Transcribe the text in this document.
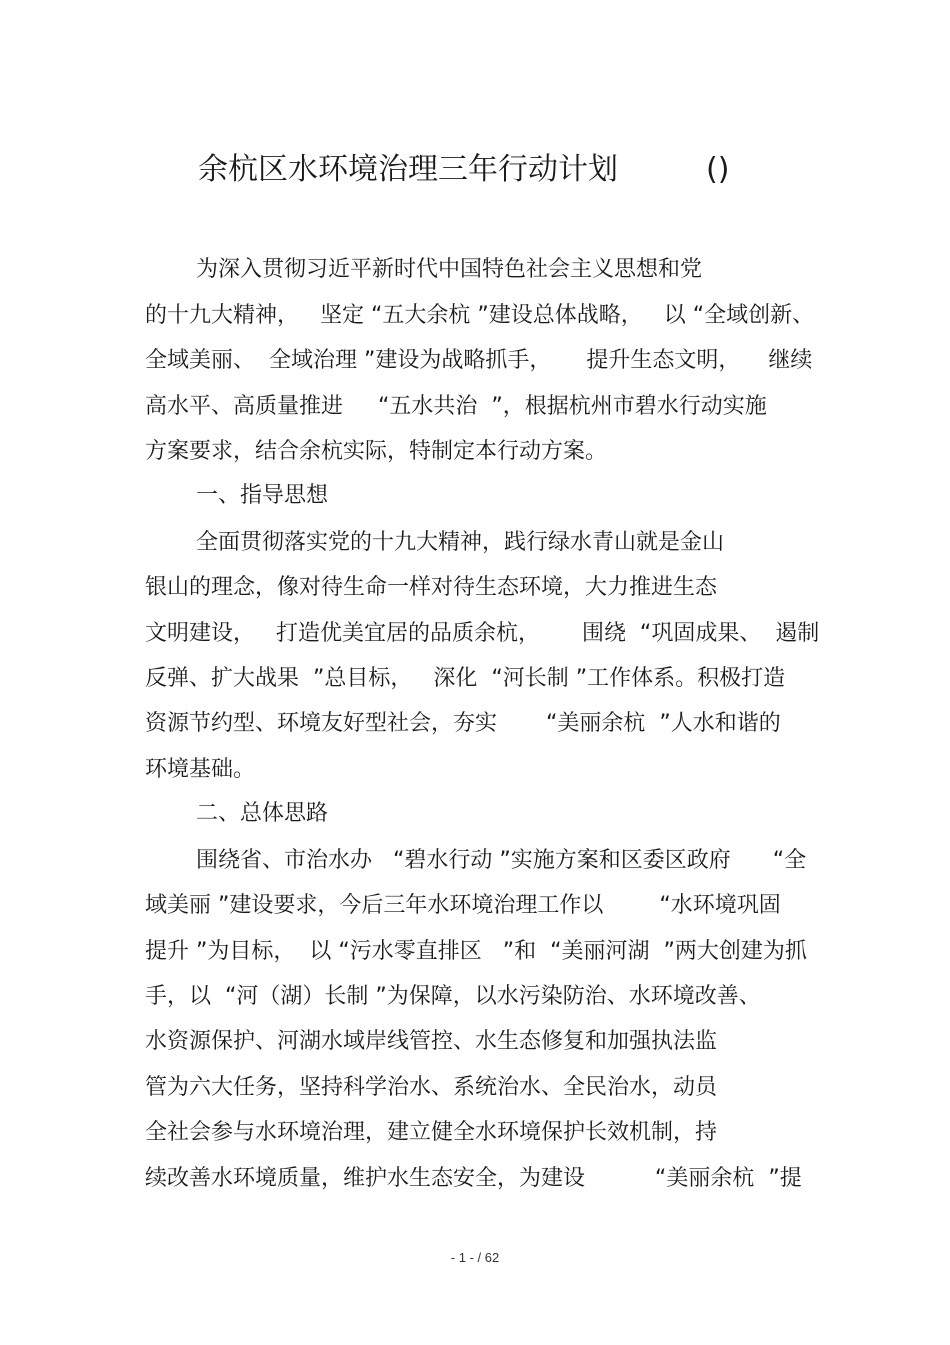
余杭区水环境治理三年行动计划	()
为深入贯彻习近平新时代中国特色社会主义思想和党
的十九大精神，   坚定 “五大余杭 ”建设总体战略，   以 “全域创新、
全域美丽、  全域治理 ”建设为战略抓手，     提升生态文明，    继续
高水平、高质量推进     “五水共治  ”，根据杭州市碧水行动实施
方案要求，结合余杭实际，特制定本行动方案。
一、指导思想
全面贯彻落实党的十九大精神，践行绿水青山就是金山
银山的理念，像对待生命一样对待生态环境，大力推进生态
文明建设，   打造优美宜居的品质余杭，      围绕  “巩固成果、  遏制
反弹、扩大战果  ”总目标，   深化  “河长制 ”工作体系。积极打造
资源节约型、环境友好型社会，夯实       “美丽余杭  ”人水和谐的
环境基础。
二、总体思路
围绕省、市治水办   “碧水行动 ”实施方案和区委区政府      “全
域美丽 ”建设要求，今后三年水环境治理工作以        “水环境巩固
提升 ”为目标，  以 “污水零直排区   ”和  “美丽河湖  ”两大创建为抓
手，以  “河（湖）长制 ”为保障，以水污染防治、水环境改善、
水资源保护、河湖水域岸线管控、水生态修复和加强执法监
管为六大任务，坚持科学治水、系统治水、全民治水，动员
全社会参与水环境治理，建立健全水环境保护长效机制，持
续改善水环境质量，维护水生态安全，为建设          “美丽余杭  ”提
- 1 - / 62
